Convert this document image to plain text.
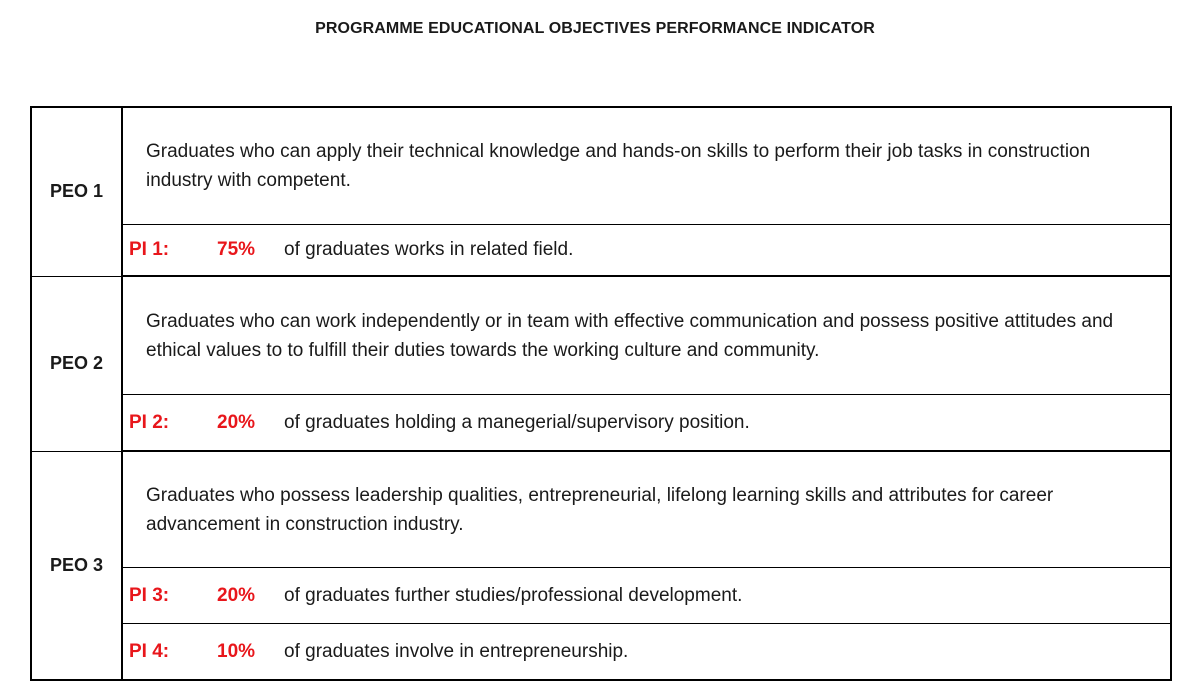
PROGRAMME EDUCATIONAL OBJECTIVES PERFORMANCE INDICATOR
PEO 1	Graduates who can apply their technical knowledge and hands-on skills to perform their job tasks in construction industry with competent.

	PI 1: 75% of graduates works in related field.

PEO 2	Graduates who can work independently or in team with effective communication and possess positive attitudes and ethical values to to fulfill their duties towards the working culture and community.

	PI 2: 20% of graduates holding a manegerial/supervisory position.

PEO 3	Graduates who possess leadership qualities, entrepreneurial, lifelong learning skills and attributes for career advancement in construction industry.

	PI 3: 20% of graduates further studies/professional development.

	PI 4: 10% of graduates involve in entrepreneurship.
